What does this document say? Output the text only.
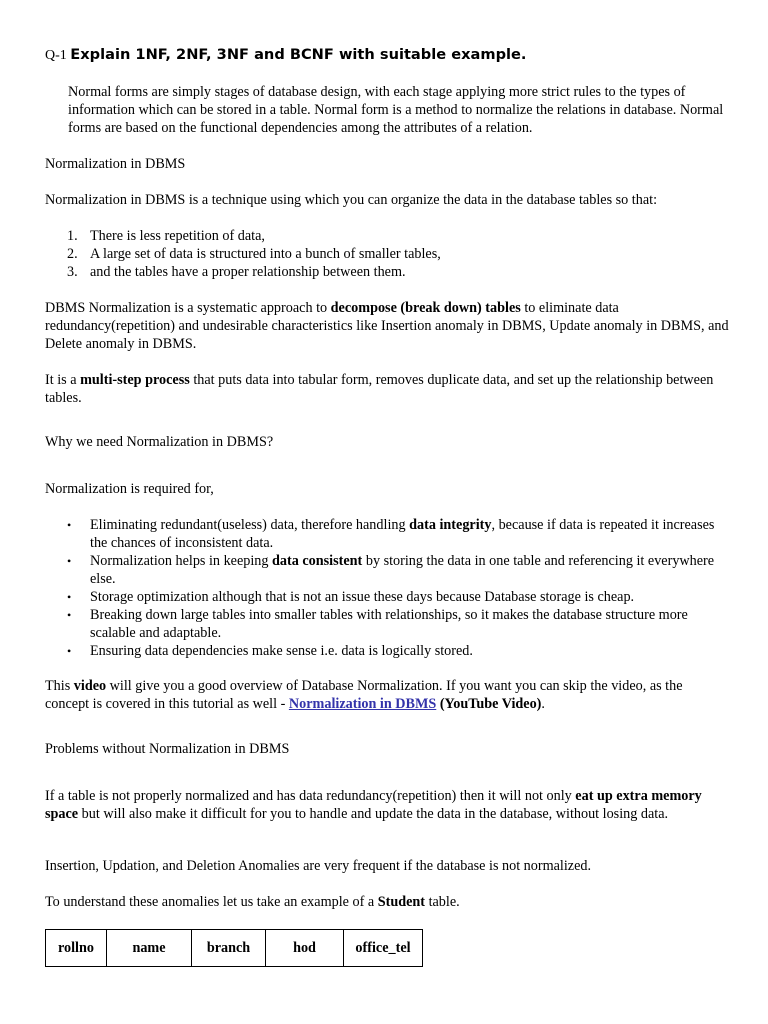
Q-1 Explain 1NF, 2NF, 3NF and BCNF with suitable example.

Normal forms are simply stages of database design, with each stage applying more strict rules to the types of information which can be stored in a table. Normal form is a method to normalize the relations in database. Normal forms are based on the functional dependencies among the attributes of a relation.

Normalization in DBMS

Normalization in DBMS is a technique using which you can organize the data in the database tables so that:

1. There is less repetition of data,
2. A large set of data is structured into a bunch of smaller tables,
3. and the tables have a proper relationship between them.

DBMS Normalization is a systematic approach to decompose (break down) tables to eliminate data redundancy(repetition) and undesirable characteristics like Insertion anomaly in DBMS, Update anomaly in DBMS, and Delete anomaly in DBMS.

It is a multi-step process that puts data into tabular form, removes duplicate data, and set up the relationship between tables.

Why we need Normalization in DBMS?

Normalization is required for,

• Eliminating redundant(useless) data, therefore handling data integrity, because if data is repeated it increases the chances of inconsistent data.
• Normalization helps in keeping data consistent by storing the data in one table and referencing it everywhere else.
• Storage optimization although that is not an issue these days because Database storage is cheap.
• Breaking down large tables into smaller tables with relationships, so it makes the database structure more scalable and adaptable.
• Ensuring data dependencies make sense i.e. data is logically stored.

This video will give you a good overview of Database Normalization. If you want you can skip the video, as the concept is covered in this tutorial as well - Normalization in DBMS (YouTube Video).

Problems without Normalization in DBMS

If a table is not properly normalized and has data redundancy(repetition) then it will not only eat up extra memory space but will also make it difficult for you to handle and update the data in the database, without losing data.

Insertion, Updation, and Deletion Anomalies are very frequent if the database is not normalized.

To understand these anomalies let us take an example of a Student table.

rollno	name	branch	hod	office_tel
